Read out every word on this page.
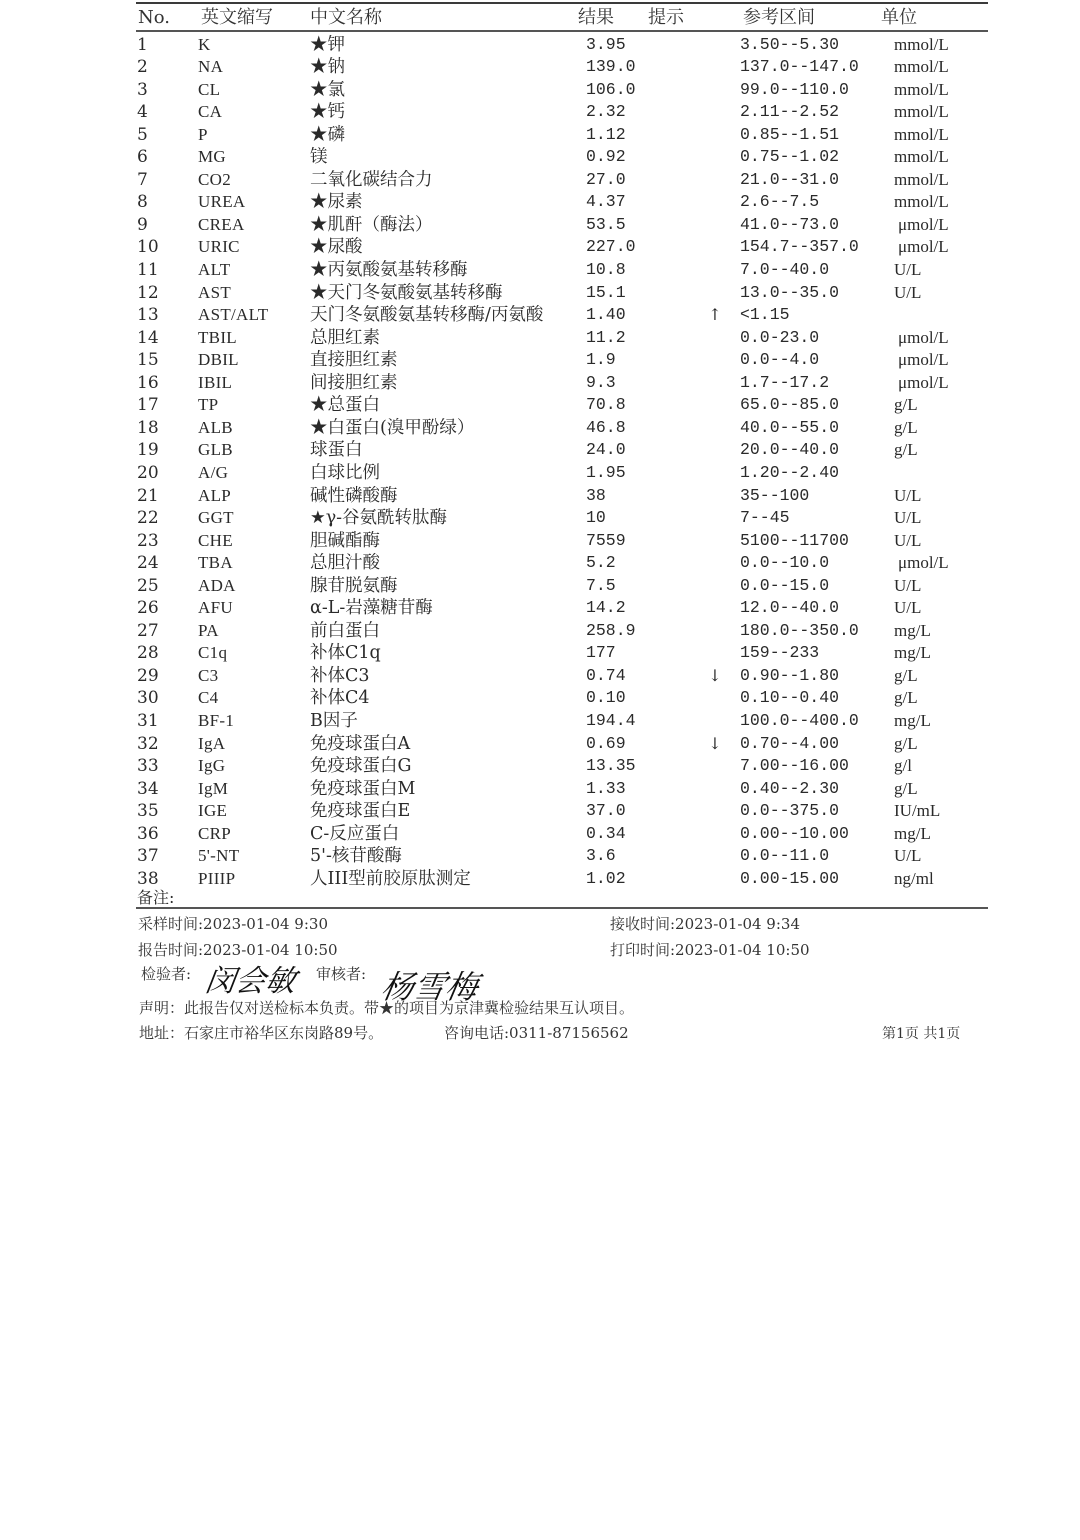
No. 英文缩写 中文名称	结果 提示	参考区间	单位
1	K	★钾	3.95	3.50--5.30	mmol/L
2	NA	★钠	139.0	137.0--147.0 mmol/L
3	CL	★氯	106.0	99.0--110.0	mmol/L
4	CA	★钙	2.32	2.11--2.52	mmol/L
5	P	★磷	1.12	0.85--1.51	mmol/L
6	MG	镁	0.92	0.75--1.02	mmol/L
7	CO2	二氧化碳结合力	27.0	21.0--31.0	mmol/L
8	UREA	★尿素	4.37	2.6--7.5	mmol/L
9	CREA	★肌酐（酶法）	53.5	41.0--73.0	μmol/L
10 URIC	★尿酸	227.0	154.7--357.0 μmol/L
11 ALT	★丙氨酸氨基转移酶	10.8	7.0--40.0	U/L
12 AST	★天门冬氨酸氨基转移酶	15.1	13.0--35.0	U/L
13 AST/ALT 天门冬氨酸氨基转移酶/丙氨酸	1.40	↑ <1.15
14 TBIL	总胆红素	11.2	0.0-23.0	μmol/L
15 DBIL	直接胆红素	1.9	0.0--4.0	μmol/L
16 IBIL	间接胆红素	9.3	1.7--17.2	μmol/L
17 TP	★总蛋白	70.8	65.0--85.0	g/L
18 ALB	★白蛋白(溴甲酚绿）	46.8	40.0--55.0	g/L
19 GLB	球蛋白	24.0	20.0--40.0	g/L
20 A/G	白球比例	1.95	1.20--2.40
21 ALP	碱性磷酸酶	38	35--100	U/L
22 GGT	★γ-谷氨酰转肽酶	10	7--45	U/L
23 CHE	胆碱酯酶	7559	5100--11700	U/L
24 TBA	总胆汁酸	5.2	0.0--10.0	μmol/L
25 ADA	腺苷脱氨酶	7.5	0.0--15.0	U/L
26 AFU	α-L-岩藻糖苷酶	14.2	12.0--40.0	U/L
27 PA	前白蛋白	258.9	180.0--350.0 mg/L
28 C1q	补体C1q	177	159--233	mg/L
29 C3	补体C3	0.74	↓ 0.90--1.80	g/L
30 C4	补体C4	0.10	0.10--0.40	g/L
31 BF-1	B因子	194.4	100.0--400.0 mg/L
32 IgA	免疫球蛋白A	0.69	↓ 0.70--4.00	g/L
33 IgG	免疫球蛋白G	13.35	7.00--16.00	g/l
34 IgM	免疫球蛋白M	1.33	0.40--2.30	g/L
35 IGE	免疫球蛋白E	37.0	0.0--375.0	IU/mL
36 CRP	C-反应蛋白	0.34	0.00--10.00	mg/L
37 5'-NT	5'-核苷酸酶	3.6	0.0--11.0	U/L
38 PIIIP	人III型前胶原肽测定	1.02	0.00-15.00	ng/ml
备注:
采样时间:2023-01-04 9:30	接收时间:2023-01-04 9:34
报告时间:2023-01-04 10:50	打印时间:2023-01-04 10:50
检验者: 闵会敏 审核者: 杨雪梅
声明：此报告仅对送检标本负责。带★的项目为京津冀检验结果互认项目。
地址：石家庄市裕华区东岗路89号。	咨询电话:0311-87156562	第1页 共1页
